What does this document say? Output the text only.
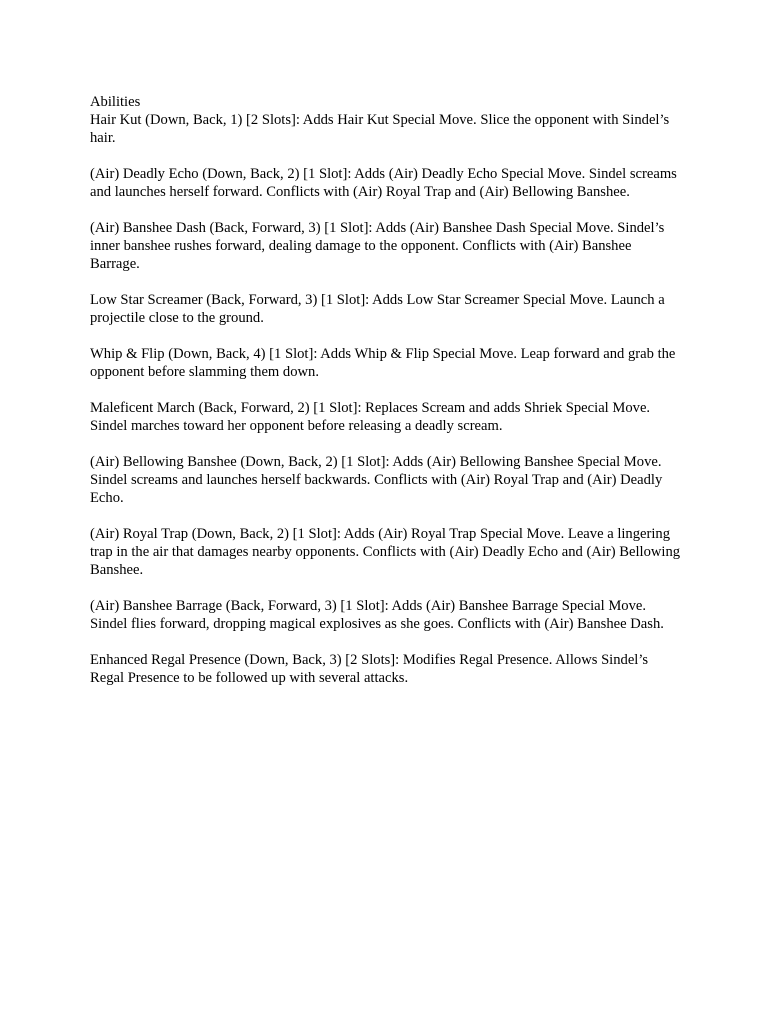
Abilities

Hair Kut (Down, Back, 1) [2 Slots]: Adds Hair Kut Special Move. Slice the opponent with Sindel’s hair.
(Air) Deadly Echo (Down, Back, 2) [1 Slot]: Adds (Air) Deadly Echo Special Move. Sindel screams and launches herself forward. Conflicts with (Air) Royal Trap and (Air) Bellowing Banshee.
(Air) Banshee Dash (Back, Forward, 3) [1 Slot]: Adds (Air) Banshee Dash Special Move. Sindel’s inner banshee rushes forward, dealing damage to the opponent. Conflicts with (Air) Banshee Barrage.
Low Star Screamer (Back, Forward, 3) [1 Slot]: Adds Low Star Screamer Special Move. Launch a projectile close to the ground.
Whip & Flip (Down, Back, 4) [1 Slot]: Adds Whip & Flip Special Move. Leap forward and grab the opponent before slamming them down.
Maleficent March (Back, Forward, 2) [1 Slot]: Replaces Scream and adds Shriek Special Move. Sindel marches toward her opponent before releasing a deadly scream.
(Air) Bellowing Banshee (Down, Back, 2) [1 Slot]: Adds (Air) Bellowing Banshee Special Move. Sindel screams and launches herself backwards. Conflicts with (Air) Royal Trap and (Air) Deadly Echo.
(Air) Royal Trap (Down, Back, 2) [1 Slot]: Adds (Air) Royal Trap Special Move. Leave a lingering trap in the air that damages nearby opponents. Conflicts with (Air) Deadly Echo and (Air) Bellowing Banshee.
(Air) Banshee Barrage (Back, Forward, 3) [1 Slot]: Adds (Air) Banshee Barrage Special Move. Sindel flies forward, dropping magical explosives as she goes. Conflicts with (Air) Banshee Dash.
Enhanced Regal Presence (Down, Back, 3) [2 Slots]: Modifies Regal Presence. Allows Sindel’s Regal Presence to be followed up with several attacks.
